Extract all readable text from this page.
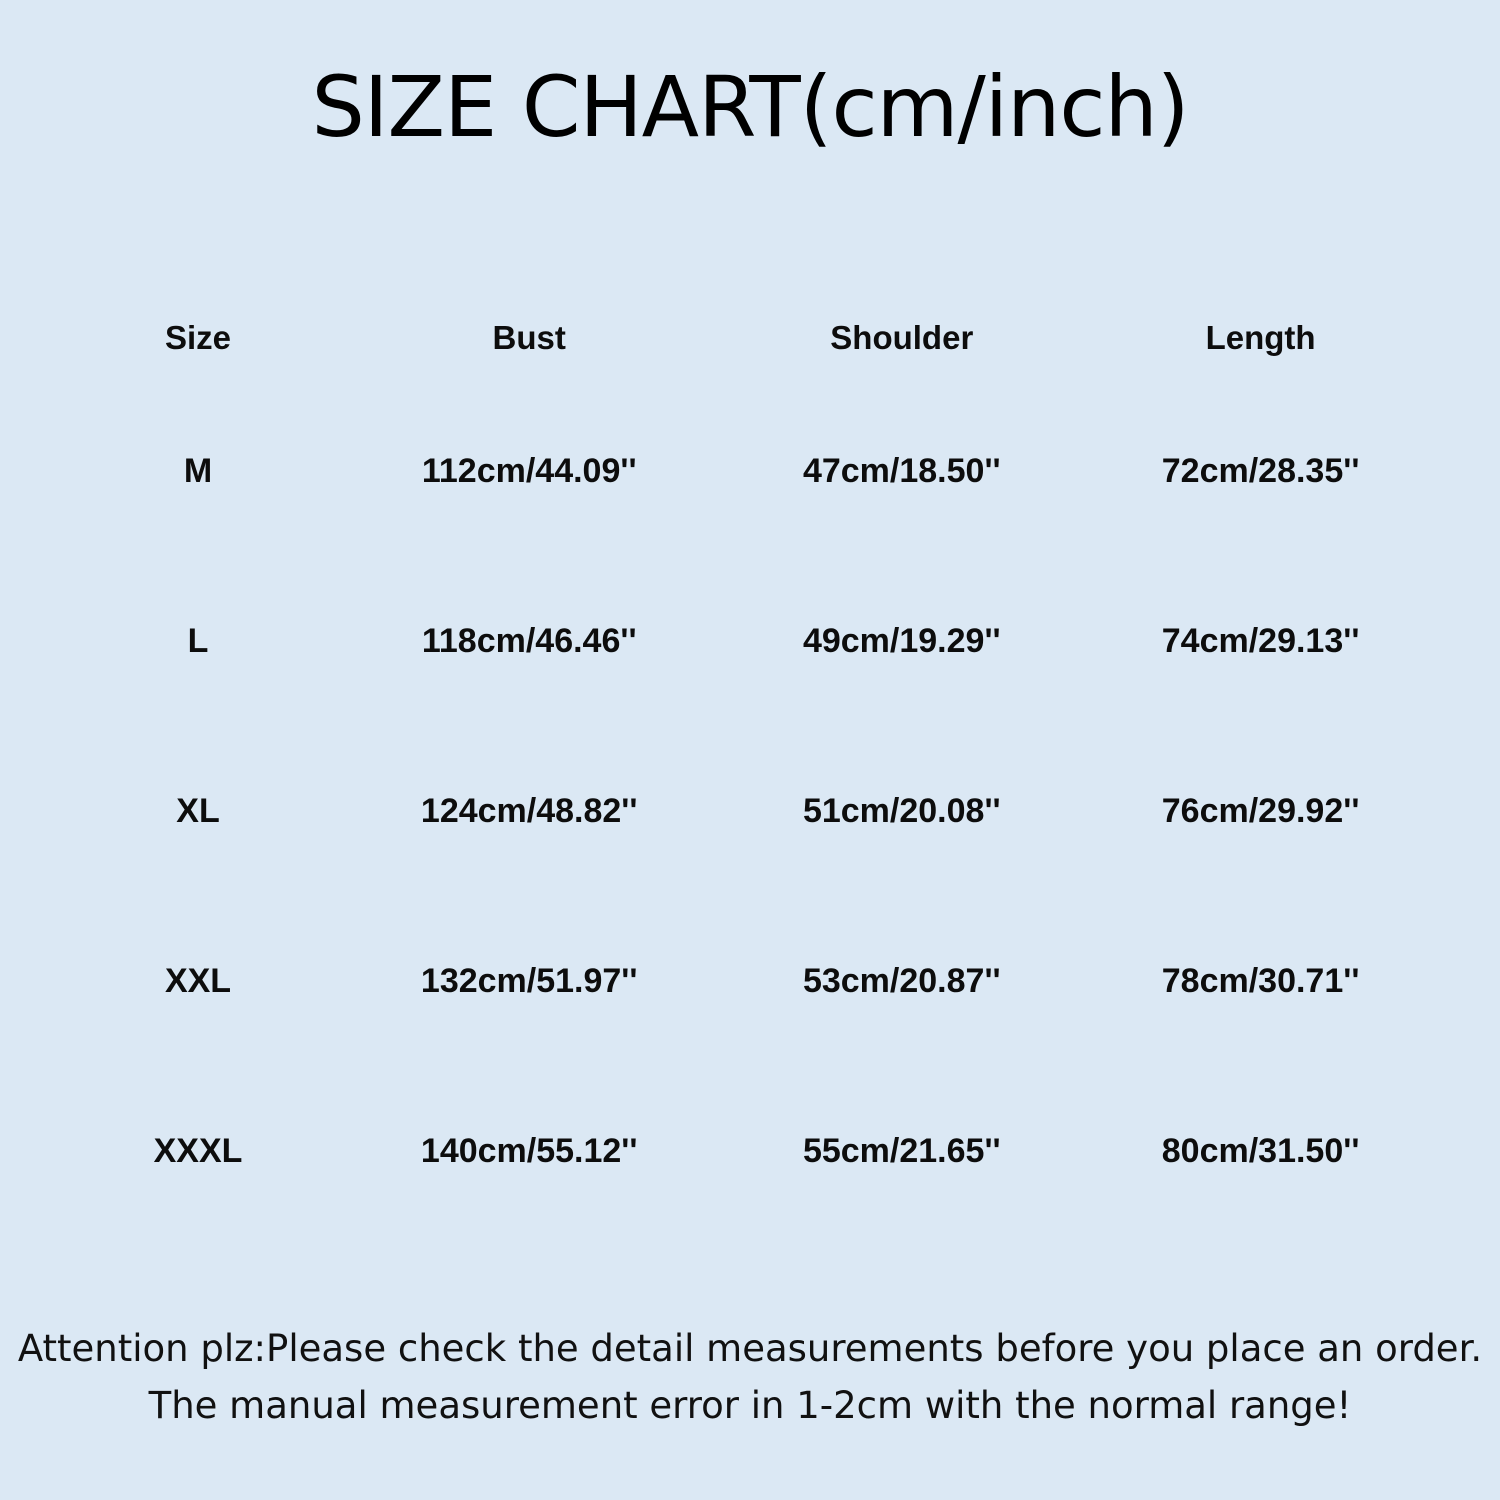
SIZE CHART(cm/inch)
Size	Bust	Shoulder	Length
M	112cm/44.09''	47cm/18.50''	72cm/28.35''
L	118cm/46.46''	49cm/19.29''	74cm/29.13''
XL	124cm/48.82''	51cm/20.08''	76cm/29.92''
XXL	132cm/51.97''	53cm/20.87''	78cm/30.71''
XXXL	140cm/55.12''	55cm/21.65''	80cm/31.50''
Attention plz:Please check the detail measurements before you place an order.
The manual measurement error in 1-2cm with the normal range!
